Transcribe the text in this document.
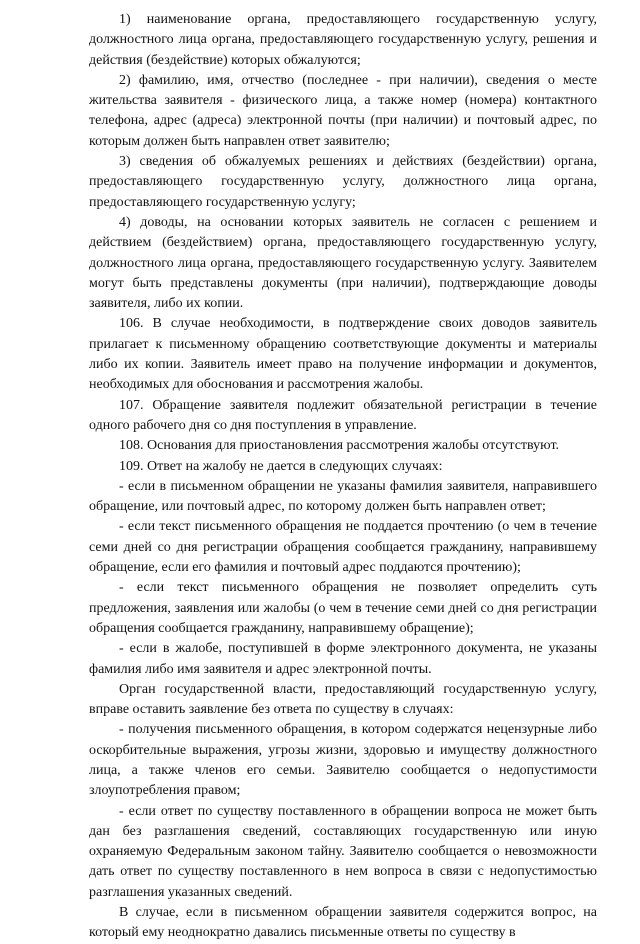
1) наименование органа, предоставляющего государственную услугу, должностного лица органа, предоставляющего государственную услугу, решения и действия (бездействие) которых обжалуются;

2) фамилию, имя, отчество (последнее - при наличии), сведения о месте жительства заявителя - физического лица, а также номер (номера) контактного телефона, адрес (адреса) электронной почты (при наличии) и почтовый адрес, по которым должен быть направлен ответ заявителю;

3) сведения об обжалуемых решениях и действиях (бездействии) органа, предоставляющего государственную услугу, должностного лица органа, предоставляющего государственную услугу;

4) доводы, на основании которых заявитель не согласен с решением и действием (бездействием) органа, предоставляющего государственную услугу, должностного лица органа, предоставляющего государственную услугу. Заявителем могут быть представлены документы (при наличии), подтверждающие доводы заявителя, либо их копии.

106. В случае необходимости, в подтверждение своих доводов заявитель прилагает к письменному обращению соответствующие документы и материалы либо их копии. Заявитель имеет право на получение информации и документов, необходимых для обоснования и рассмотрения жалобы.

107. Обращение заявителя подлежит обязательной регистрации в течение одного рабочего дня со дня поступления в управление.

108. Основания для приостановления рассмотрения жалобы отсутствуют.

109. Ответ на жалобу не дается в следующих случаях:

- если в письменном обращении не указаны фамилия заявителя, направившего обращение, или почтовый адрес, по которому должен быть направлен ответ;

- если текст письменного обращения не поддается прочтению (о чем в течение семи дней со дня регистрации обращения сообщается гражданину, направившему обращение, если его фамилия и почтовый адрес поддаются прочтению);

- если текст письменного обращения не позволяет определить суть предложения, заявления или жалобы (о чем в течение семи дней со дня регистрации обращения сообщается гражданину, направившему обращение);

- если в жалобе, поступившей в форме электронного документа, не указаны фамилия либо имя заявителя и адрес электронной почты.

Орган государственной власти, предоставляющий государственную услугу, вправе оставить заявление без ответа по существу в случаях:

- получения письменного обращения, в котором содержатся нецензурные либо оскорбительные выражения, угрозы жизни, здоровью и имуществу должностного лица, а также членов его семьи. Заявителю сообщается о недопустимости злоупотребления правом;

- если ответ по существу поставленного в обращении вопроса не может быть дан без разглашения сведений, составляющих государственную или иную охраняемую Федеральным законом тайну. Заявителю сообщается о невозможности дать ответ по существу поставленного в нем вопроса в связи с недопустимостью разглашения указанных сведений.

В случае, если в письменном обращении заявителя содержится вопрос, на который ему неоднократно давались письменные ответы по существу в
